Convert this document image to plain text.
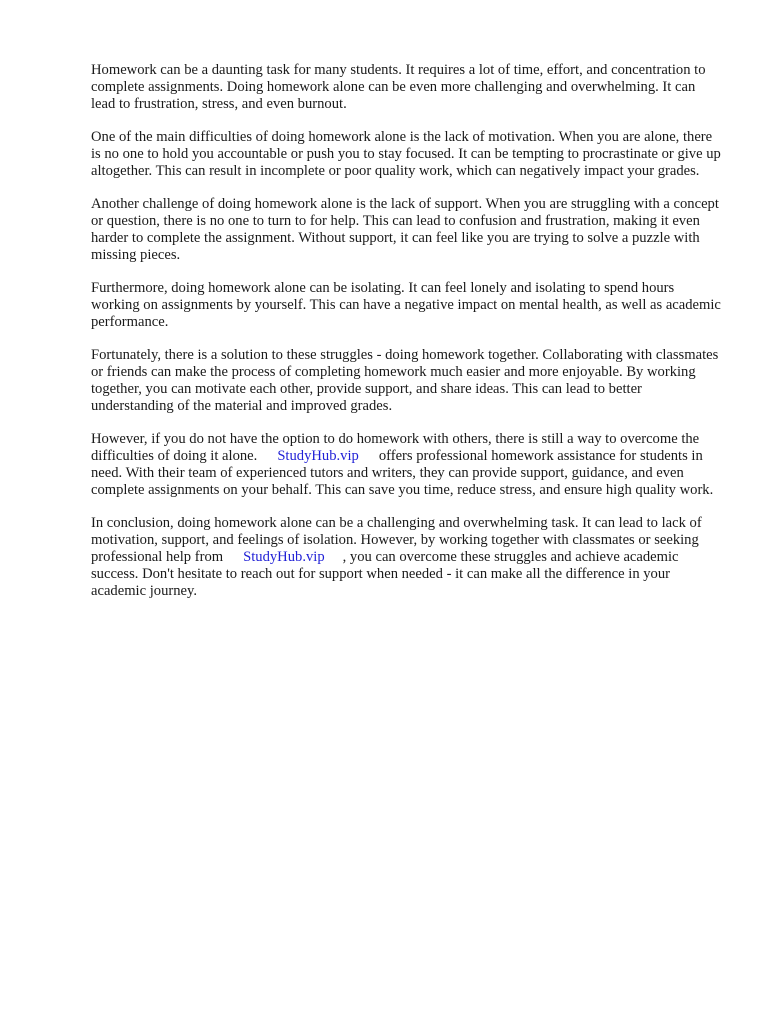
Homework can be a daunting task for many students. It requires a lot of time, effort, and concentration to complete assignments. Doing homework alone can be even more challenging and overwhelming. It can lead to frustration, stress, and even burnout.

One of the main difficulties of doing homework alone is the lack of motivation. When you are alone, there is no one to hold you accountable or push you to stay focused. It can be tempting to procrastinate or give up altogether. This can result in incomplete or poor quality work, which can negatively impact your grades.

Another challenge of doing homework alone is the lack of support. When you are struggling with a concept or question, there is no one to turn to for help. This can lead to confusion and frustration, making it even harder to complete the assignment. Without support, it can feel like you are trying to solve a puzzle with missing pieces.

Furthermore, doing homework alone can be isolating. It can feel lonely and isolating to spend hours working on assignments by yourself. This can have a negative impact on mental health, as well as academic performance.

Fortunately, there is a solution to these struggles - doing homework together. Collaborating with classmates or friends can make the process of completing homework much easier and more enjoyable. By working together, you can motivate each other, provide support, and share ideas. This can lead to better understanding of the material and improved grades.

However, if you do not have the option to do homework with others, there is still a way to overcome the difficulties of doing it alone. StudyHub.vip offers professional homework assistance for students in need. With their team of experienced tutors and writers, they can provide support, guidance, and even complete assignments on your behalf. This can save you time, reduce stress, and ensure high quality work.

In conclusion, doing homework alone can be a challenging and overwhelming task. It can lead to lack of motivation, support, and feelings of isolation. However, by working together with classmates or seeking professional help from StudyHub.vip , you can overcome these struggles and achieve academic success. Don't hesitate to reach out for support when needed - it can make all the difference in your academic journey.
